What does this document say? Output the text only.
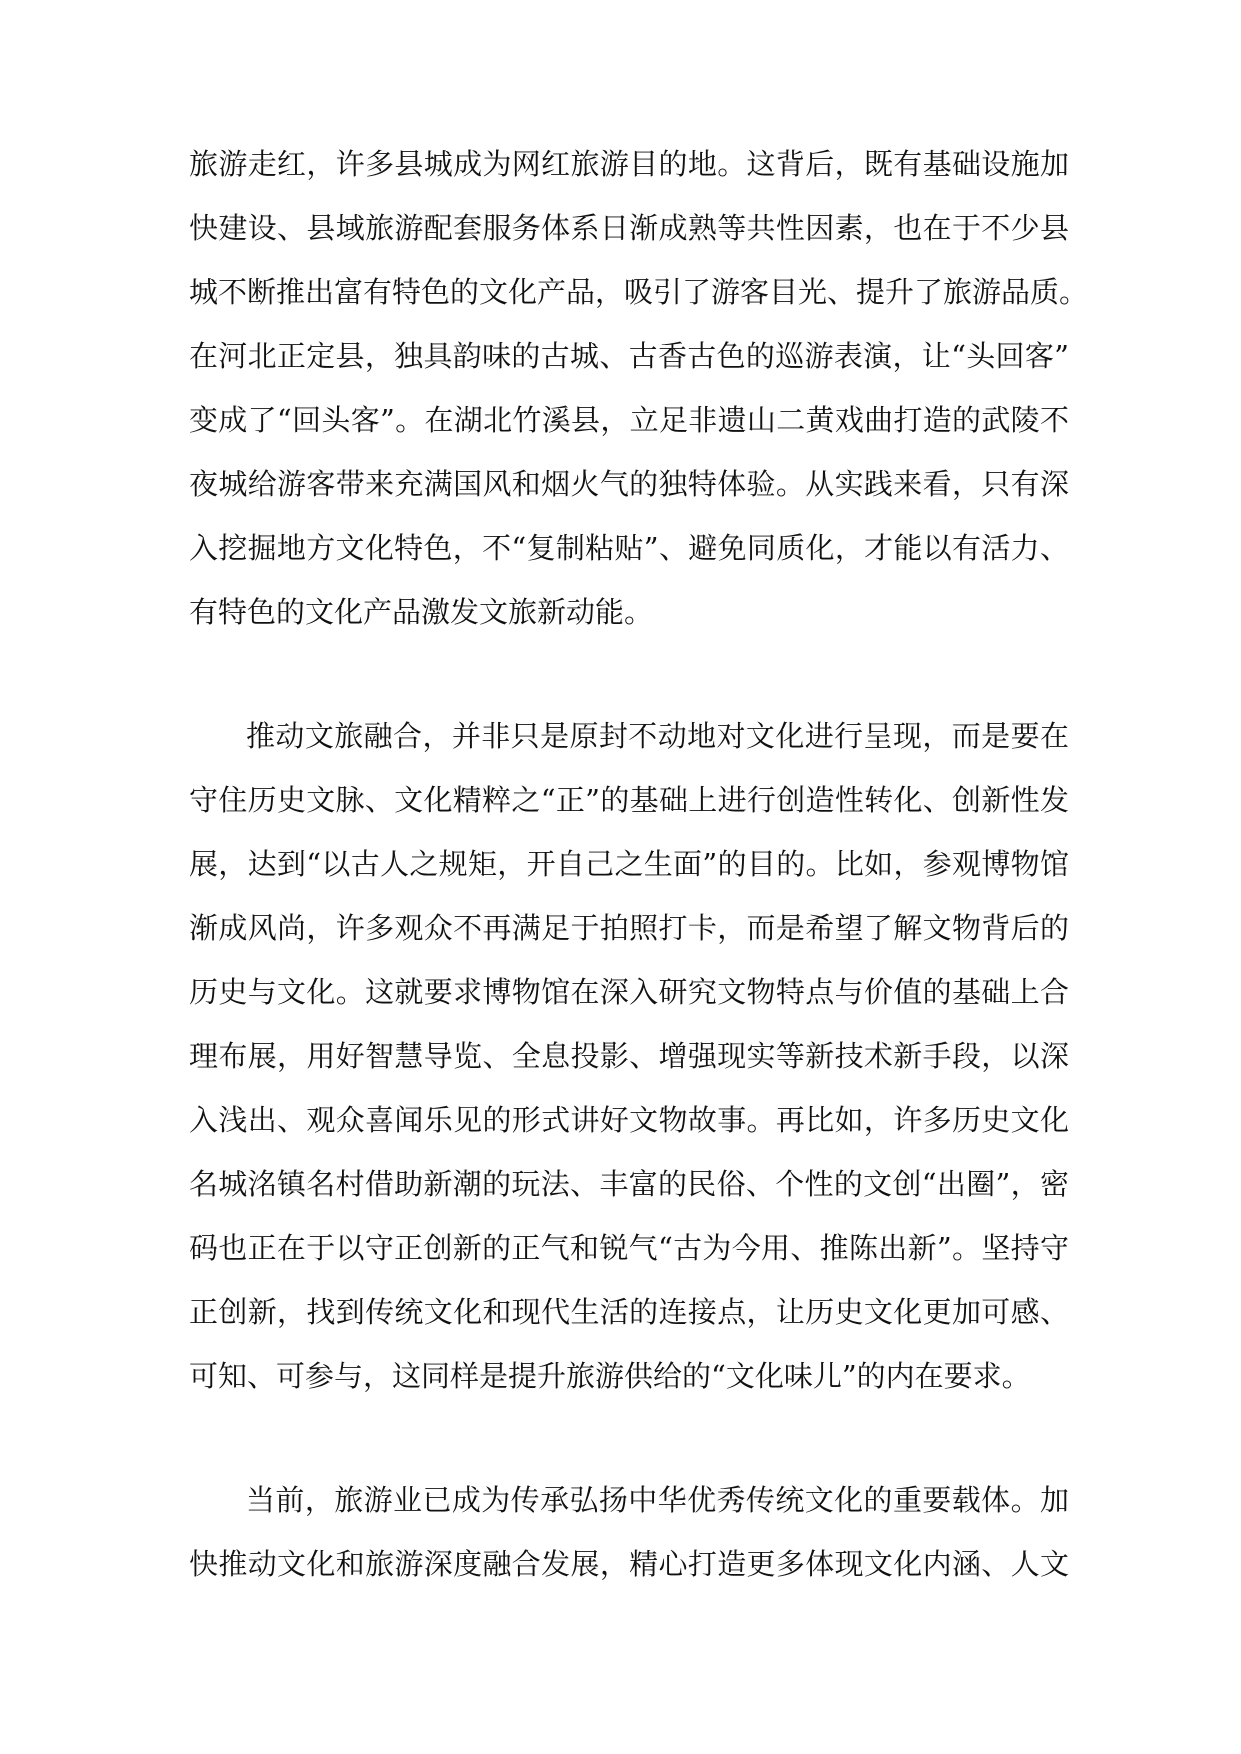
旅游走红，许多县城成为网红旅游目的地。这背后，既有基础设施加
快建设、县域旅游配套服务体系日渐成熟等共性因素，也在于不少县
城不断推出富有特色的文化产品，吸引了游客目光、提升了旅游品质。
在河北正定县，独具韵味的古城、古香古色的巡游表演，让“头回客”
变成了“回头客”。在湖北竹溪县，立足非遗山二黄戏曲打造的武陵不
夜城给游客带来充满国风和烟火气的独特体验。从实践来看，只有深
入挖掘地方文化特色，不“复制粘贴”、避免同质化，才能以有活力、
有特色的文化产品激发文旅新动能。
推动文旅融合，并非只是原封不动地对文化进行呈现，而是要在
守住历史文脉、文化精粹之“正”的基础上进行创造性转化、创新性发
展，达到“以古人之规矩，开自己之生面”的目的。比如，参观博物馆
渐成风尚，许多观众不再满足于拍照打卡，而是希望了解文物背后的
历史与文化。这就要求博物馆在深入研究文物特点与价值的基础上合
理布展，用好智慧导览、全息投影、增强现实等新技术新手段，以深
入浅出、观众喜闻乐见的形式讲好文物故事。再比如，许多历史文化
名城洺镇名村借助新潮的玩法、丰富的民俗、个性的文创“出圈”，密
码也正在于以守正创新的正气和锐气“古为今用、推陈出新”。坚持守
正创新，找到传统文化和现代生活的连接点，让历史文化更加可感、
可知、可参与，这同样是提升旅游供给的“文化味儿”的内在要求。
当前，旅游业已成为传承弘扬中华优秀传统文化的重要载体。加
快推动文化和旅游深度融合发展，精心打造更多体现文化内涵、人文
